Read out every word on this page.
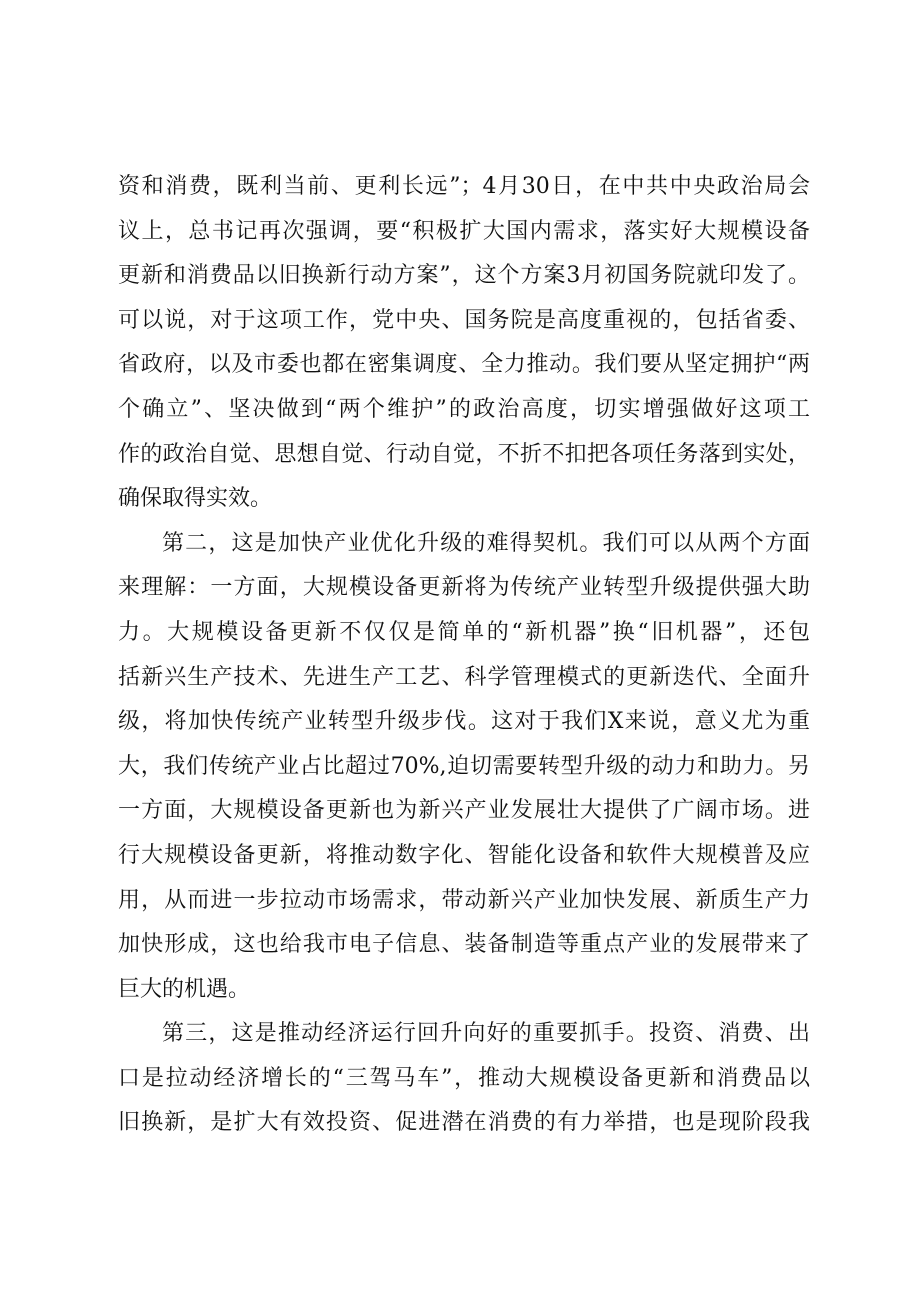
资和消费，既利当前、更利长远”；4月30日，在中共中央政治局会
议上，总书记再次强调，要“积极扩大国内需求，落实好大规模设备
更新和消费品以旧换新行动方案”，这个方案3月初国务院就印发了。
可以说，对于这项工作，党中央、国务院是高度重视的，包括省委、
省政府，以及市委也都在密集调度、全力推动。我们要从坚定拥护“两
个确立”、坚决做到“两个维护”的政治高度，切实增强做好这项工
作的政治自觉、思想自觉、行动自觉，不折不扣把各项任务落到实处，
确保取得实效。
第二，这是加快产业优化升级的难得契机。我们可以从两个方面
来理解：一方面，大规模设备更新将为传统产业转型升级提供强大助
力。大规模设备更新不仅仅是简单的“新机器”换“旧机器”，还包
括新兴生产技术、先进生产工艺、科学管理模式的更新迭代、全面升
级，将加快传统产业转型升级步伐。这对于我们X来说，意义尤为重
大，我们传统产业占比超过70%,迫切需要转型升级的动力和助力。另
一方面，大规模设备更新也为新兴产业发展壮大提供了广阔市场。进
行大规模设备更新，将推动数字化、智能化设备和软件大规模普及应
用，从而进一步拉动市场需求，带动新兴产业加快发展、新质生产力
加快形成，这也给我市电子信息、装备制造等重点产业的发展带来了
巨大的机遇。
第三，这是推动经济运行回升向好的重要抓手。投资、消费、出
口是拉动经济增长的“三驾马车”，推动大规模设备更新和消费品以
旧换新，是扩大有效投资、促进潜在消费的有力举措，也是现阶段我
